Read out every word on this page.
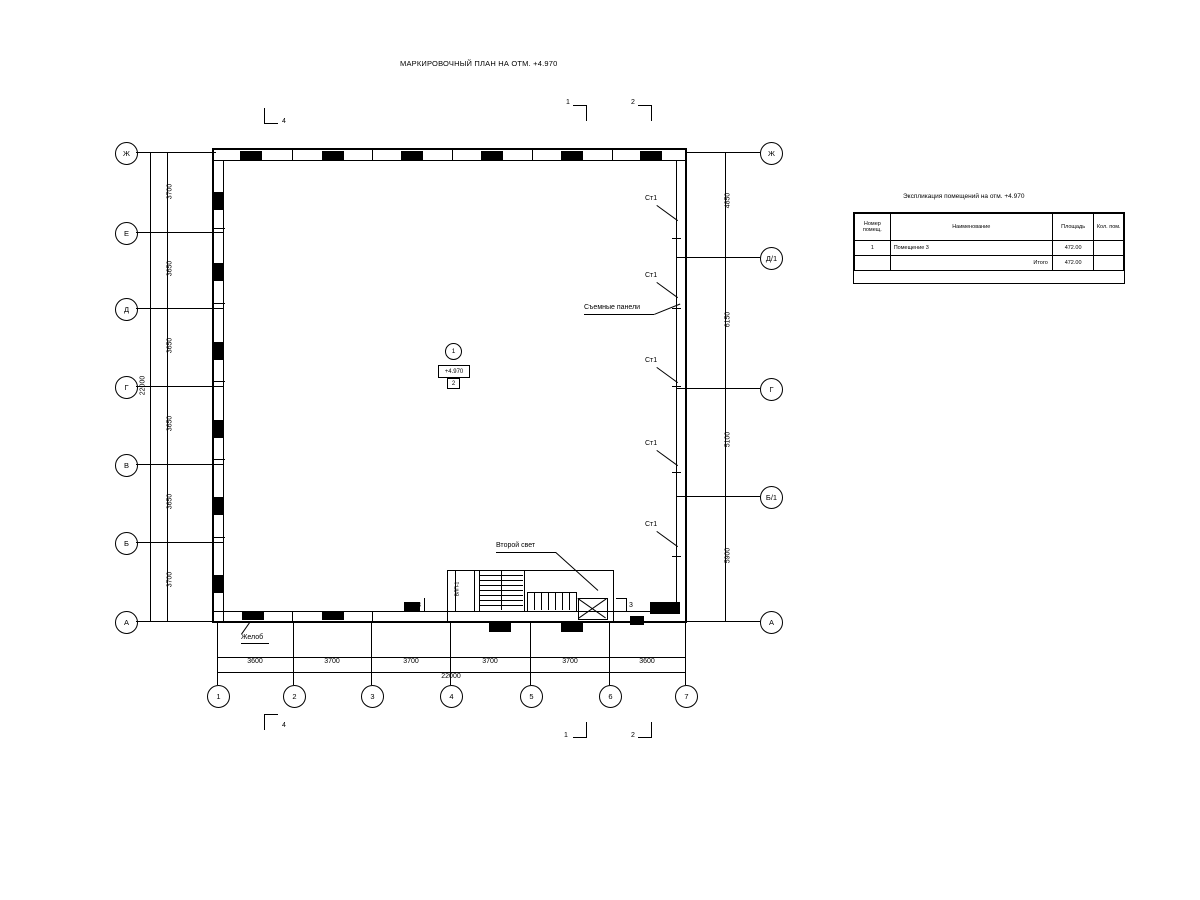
МАРКИРОВОЧНЫЙ ПЛАН НА ОТМ. +4.970
Ст1
Ст1
Ст1
Ст1
Ст1
Съемные панели
1
+4.970
2
ВЛП-1
Второй свет
Желоб
4
1	2
4
1	2
3	3
Ж
Е
Д
Г
В
Б
А
Ж
Д/1
Г
Б/1
А
1	2	3	4	5	6	7
3700
3650
3650
3650
3650
3700
22000
4850
6150
5100
5900
3600	3700	3700	3700	3700	3600
22000
Экспликация помещений на отм. +4.970
Номер помещ.	Наименование	Площадь	Кол. пом.
1	Помещение 3	472.00	
	Итого	472.00	
